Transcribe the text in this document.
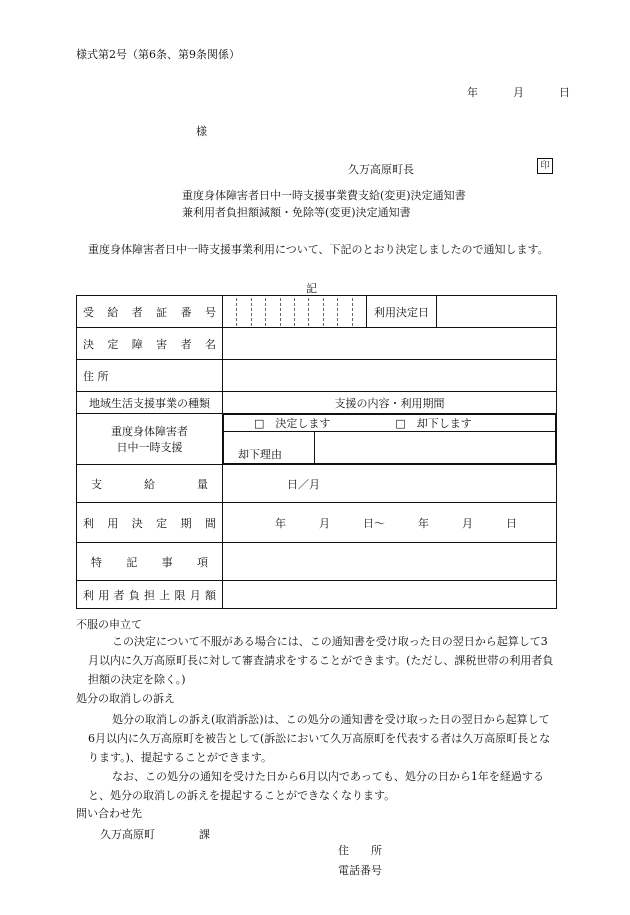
様式第2号（第6条、第9条関係）
年	月	日
様
久万高原町長	印
重度身体障害者日中一時支援事業費支給(変更)決定通知書
兼利用者負担額減額・免除等(変更)決定通知書
重度身体障害者日中一時支援事業利用について、下記のとおり決定しましたので通知します。
記
受 給 者 証 番 号		利用決定日	

決 定 障 害 者 名

住 所

地域生活支援事業の種類	支援の内容・利用期間

重度身体障害者
日中一時支援

□　決定します	□　却下します
却下理由	

支	給	量	日／月

利 用 決 定 期 間	年　　　月　　　日～　　　年　　　月　　　日

特 記 事 項

利 用 者 負 担 上 限 月 額

不服の申立て
この決定について不服がある場合には、この通知書を受け取った日の翌日から起算して3月以内に久万高原町長に対して審査請求をすることができます。(ただし、課税世帯の利用者負担額の決定を除く。)
処分の取消しの訴え
処分の取消しの訴え(取消訴訟)は、この処分の通知書を受け取った日の翌日から起算して6月以内に久万高原町を被告として(訴訟において久万高原町を代表する者は久万高原町長となります。)、提起することができます。
なお、この処分の通知を受けた日から6月以内であっても、処分の日から1年を経過すると、処分の取消しの訴えを提起することができなくなります。
問い合わせ先
久万高原町　　　　課
住　　所
電話番号
